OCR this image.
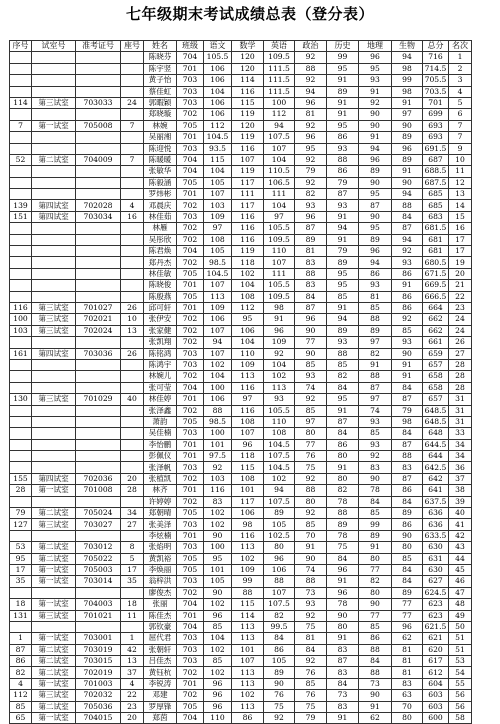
七年级期末考试成绩总表（登分表）
序号	试室号	准考证号	座号	姓名	班级	语文	数学	英语	政治	历史	地理	生物	总分	名次
				陈晓芬	704	105.5	120	109.5	92	99	96	94	716	1
				陈宇竖	701	106	120	111.5	88	95	95	98	714.5	2
				黄子怡	703	106	114	111.5	92	91	93	99	705.5	3
				蔡佳虹	703	104	116	111.5	94	89	91	98	703.5	4
114	第三试室	703033	24	郭暇颖	703	106	115	100	96	91	92	91	701	5
				郑晓璇	702	106	119	112	81	91	90	97	699	6
7	第一试室	705008	7	林婉	705	112	120	94	92	95	90	90	693	7
				吴丽湘	701	104.5	119	107.5	96	86	91	89	693	7
				陈迎悦	703	93.5	116	107	95	93	94	96	691.5	9
52	第二试室	704009	7	陈暖暖	704	115	107	104	92	88	96	89	687	10
				张敏华	704	104	119	110.5	79	86	89	91	688.5	11
				陈毅涵	705	105	117	106.5	92	79	90	90	687.5	12
				罗炜彬	701	107	111	111	82	87	95	94	685	13
139	第四试室	702028	4	邓晨庆	702	103	117	104	93	93	87	88	685	14
151	第四试室	703034	16	林佳茹	703	109	116	97	96	91	90	84	683	15
				林雁	702	97	116	105.5	87	94	95	87	681.5	16
				吴彤欣	702	108	116	109.5	89	91	89	94	681	17
				陈君焕	704	105	119	110	81	79	96	92	681	17
				郑丹杰	702	98.5	118	107	83	89	94	93	680.5	19
				林佳敏	705	104.5	102	111	88	95	86	86	671.5	20
				陈晓俊	701	107	104	105.5	83	95	93	91	669.5	21
				陈殷燕	705	113	108	109.5	84	85	81	86	666.5	22
116	第三试室	701027	26	邱可轩	701	109	112	98	87	91	85	86	664	23
100	第三试室	702021	10	张伊安	702	106	95	91	96	94	88	92	662	24
103	第三试室	702024	13	张家健	702	107	106	96	90	89	89	85	662	24
				张凯翔	702	94	104	109	77	93	97	93	661	26
161	第四试室	703036	26	陈铭鸿	703	107	110	92	90	88	82	90	659	27
				陈鸿宇	703	102	109	104	85	85	91	91	657	28
				林婉儿	702	104	113	102	93	82	88	91	658	28
				张可莹	704	100	116	113	74	84	87	84	658	28
130	第三试室	701029	40	林佳婷	701	106	97	93	92	95	97	87	657	31
				张泽鑫	702	88	116	105.5	85	91	74	79	648.5	31
				萧韵	705	98.5	108	110	97	87	93	98	648.5	31
				吴佳楠	703	100	107	108	80	84	85	84	648	33
				李怡鹏	701	101	96	104.5	77	86	93	87	644.5	34
				彭佩仪	701	97.5	118	107.5	76	80	92	88	644	34
				张泽帆	703	92	115	104.5	75	91	83	83	642.5	36
155	第四试室	702036	20	张植凯	702	103	108	102	92	80	90	87	642	37
28	第一试室	701008	28	林齐	701	116	101	94	88	82	78	86	641	38
				许婷婷	702	83	117	107.5	80	78	84	84	637.5	39
79	第二试室	705024	34	郑朝晴	705	102	106	89	92	88	85	89	636	40
127	第三试室	703027	27	张美泽	703	102	98	105	85	89	99	86	636	41
				李炫楠	701	90	116	102.5	70	78	89	90	633.5	42
53	第二试室	703012	8	张焰明	703	100	113	80	91	75	91	80	630	43
95	第二试室	705022	5	黄凯裕	705	95	102	96	90	84	80	85	631	44
17	第一试室	705003	17	李焕丽	705	101	109	106	74	96	77	84	630	45
35	第一试室	703014	35	翁梓洪	703	105	99	88	88	91	82	84	627	46
				廖俊杰	702	90	88	107	73	96	80	89	624.5	47
18	第一试室	704003	18	张丽	704	102	115	107.5	93	78	90	77	623	48
131	第三试室	701021	11	陈佳杰	701	96	114	82	92	90	77	77	623	49
				郭钦豪	704	85	113	99.5	75	80	85	96	621.5	50
1	第一试室	703001	1	屈代君	703	104	113	84	81	91	86	62	621	51
87	第二试室	703019	42	张朝轩	703	102	101	86	84	83	88	81	620	51
86	第二试室	703015	13	吕佳杰	703	85	107	105	92	87	84	81	617	53
82	第二试室	702019	37	黄钰杭	702	102	113	89	76	83	88	81	612	54
4	第一试室	701003	4	李锐涛	701	96	113	90	85	84	73	83	604	55
112	第三试室	702032	22	邓建	702	96	102	76	76	73	90	63	603	56
85	第二试室	705036	23	罗厚锋	705	96	113	75	75	83	91	70	603	56
65	第一试室	704015	20	郑茵	704	110	86	92	79	91	62	80	600	58
